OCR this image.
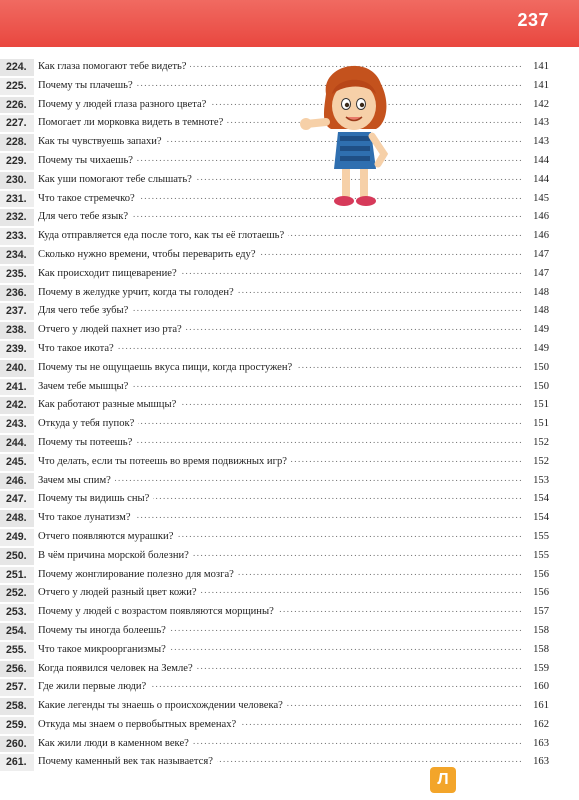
237
224.	Как глаза помогают тебе видеть? .....	141
225.	Почему ты плачешь? .....	141
226.	Почему у людей глаза разного цвета? .....	142
227.	Помогает ли морковка видеть в темноте? .....	143
228.	Как ты чувствуешь запахи? .....	143
229.	Почему ты чихаешь? .....	144
230.	Как уши помогают тебе слышать? .....	144
231.	Что такое стремечко? .....	145
232.	Для чего тебе язык? .....	146
233.	Куда отправляется еда после того, как ты её глотаешь? .....	146
234.	Сколько нужно времени, чтобы переварить еду? .....	147
235.	Как происходит пищеварение? .....	147
236.	Почему в желудке урчит, когда ты голоден? .....	148
237.	Для чего тебе зубы? .....	148
238.	Отчего у людей пахнет изо рта? .....	149
239.	Что такое икота? .....	149
240.	Почему ты не ощущаешь вкуса пищи, когда простужен? .....	150
241.	Зачем тебе мышцы? .....	150
242.	Как работают разные мышцы? .....	151
243.	Откуда у тебя пупок? .....	151
244.	Почему ты потеешь? .....	152
245.	Что делать, если ты потеешь во время подвижных игр? .....	152
246.	Зачем мы спим? .....	153
247.	Почему ты видишь сны? .....	154
248.	Что такое лунатизм? .....	154
249.	Отчего появляются мурашки? .....	155
250.	В чём причина морской болезни? .....	155
251.	Почему жонглирование полезно для мозга? .....	156
252.	Отчего у людей разный цвет кожи? .....	156
253.	Почему у людей с возрастом появляются морщины? .....	157
254.	Почему ты иногда болеешь? .....	158
255.	Что такое микроорганизмы? .....	158
256.	Когда появился человек на Земле? .....	159
257.	Где жили первые люди? .....	160
258.	Какие легенды ты знаешь о происхождении человека? .....	161
259.	Откуда мы знаем о первобытных временах? .....	162
260.	Как жили люди в каменном веке? .....	163
261.	Почему каменный век так называется? .....	163
Л
